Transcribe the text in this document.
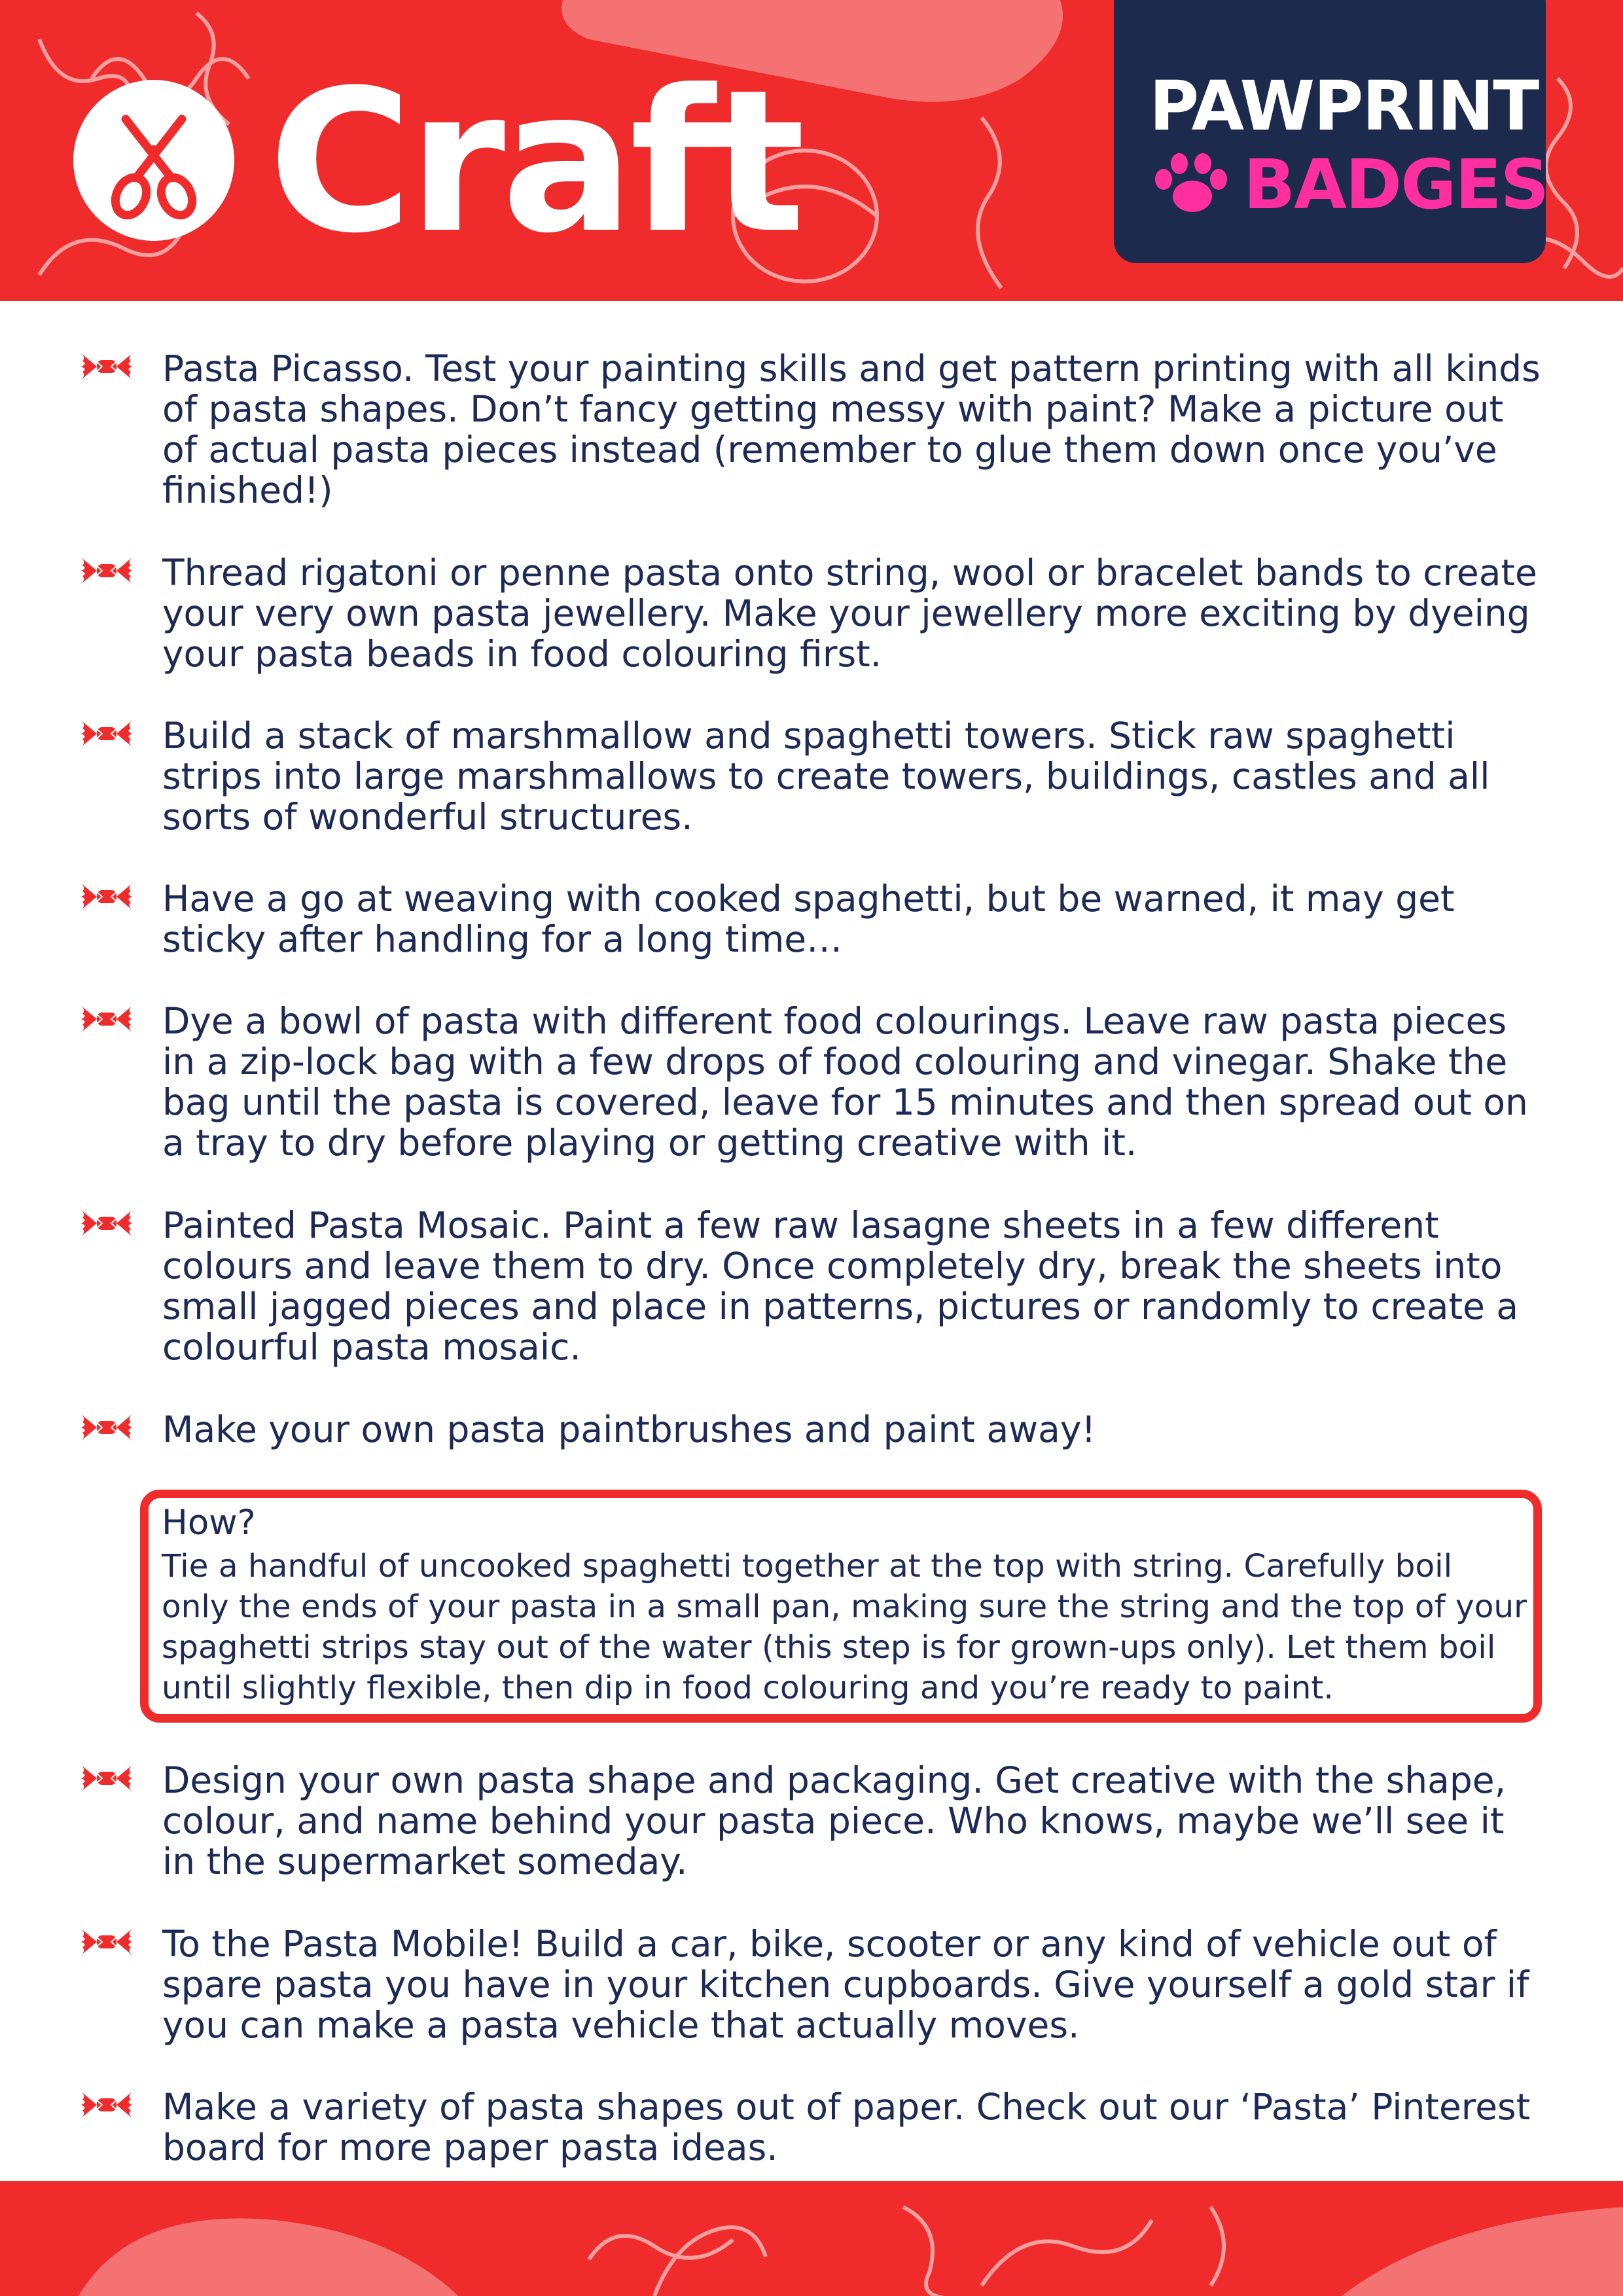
Craft	PAWPRINT
BADGES
Pasta Picasso. Test your painting skills and get pattern printing with all kinds of pasta shapes. Don’t fancy getting messy with paint? Make a picture out of actual pasta pieces instead (remember to glue them down once you’ve finished!)
Thread rigatoni or penne pasta onto string, wool or bracelet bands to create your very own pasta jewellery. Make your jewellery more exciting by dyeing your pasta beads in food colouring first.
Build a stack of marshmallow and spaghetti towers. Stick raw spaghetti strips into large marshmallows to create towers, buildings, castles and all sorts of wonderful structures.
Have a go at weaving with cooked spaghetti, but be warned, it may get sticky after handling for a long time…
Dye a bowl of pasta with different food colourings. Leave raw pasta pieces in a zip-lock bag with a few drops of food colouring and vinegar. Shake the bag until the pasta is covered, leave for 15 minutes and then spread out on a tray to dry before playing or getting creative with it.
Painted Pasta Mosaic. Paint a few raw lasagne sheets in a few different colours and leave them to dry. Once completely dry, break the sheets into small jagged pieces and place in patterns, pictures or randomly to create a colourful pasta mosaic.
Make your own pasta paintbrushes and paint away!
How?
Tie a handful of uncooked spaghetti together at the top with string. Carefully boil only the ends of your pasta in a small pan, making sure the string and the top of your spaghetti strips stay out of the water (this step is for grown-ups only). Let them boil until slightly flexible, then dip in food colouring and you’re ready to paint.
Design your own pasta shape and packaging. Get creative with the shape, colour, and name behind your pasta piece. Who knows, maybe we’ll see it in the supermarket someday.
To the Pasta Mobile! Build a car, bike, scooter or any kind of vehicle out of spare pasta you have in your kitchen cupboards. Give yourself a gold star if you can make a pasta vehicle that actually moves.
Make a variety of pasta shapes out of paper. Check out our ‘Pasta’ Pinterest board for more paper pasta ideas.
